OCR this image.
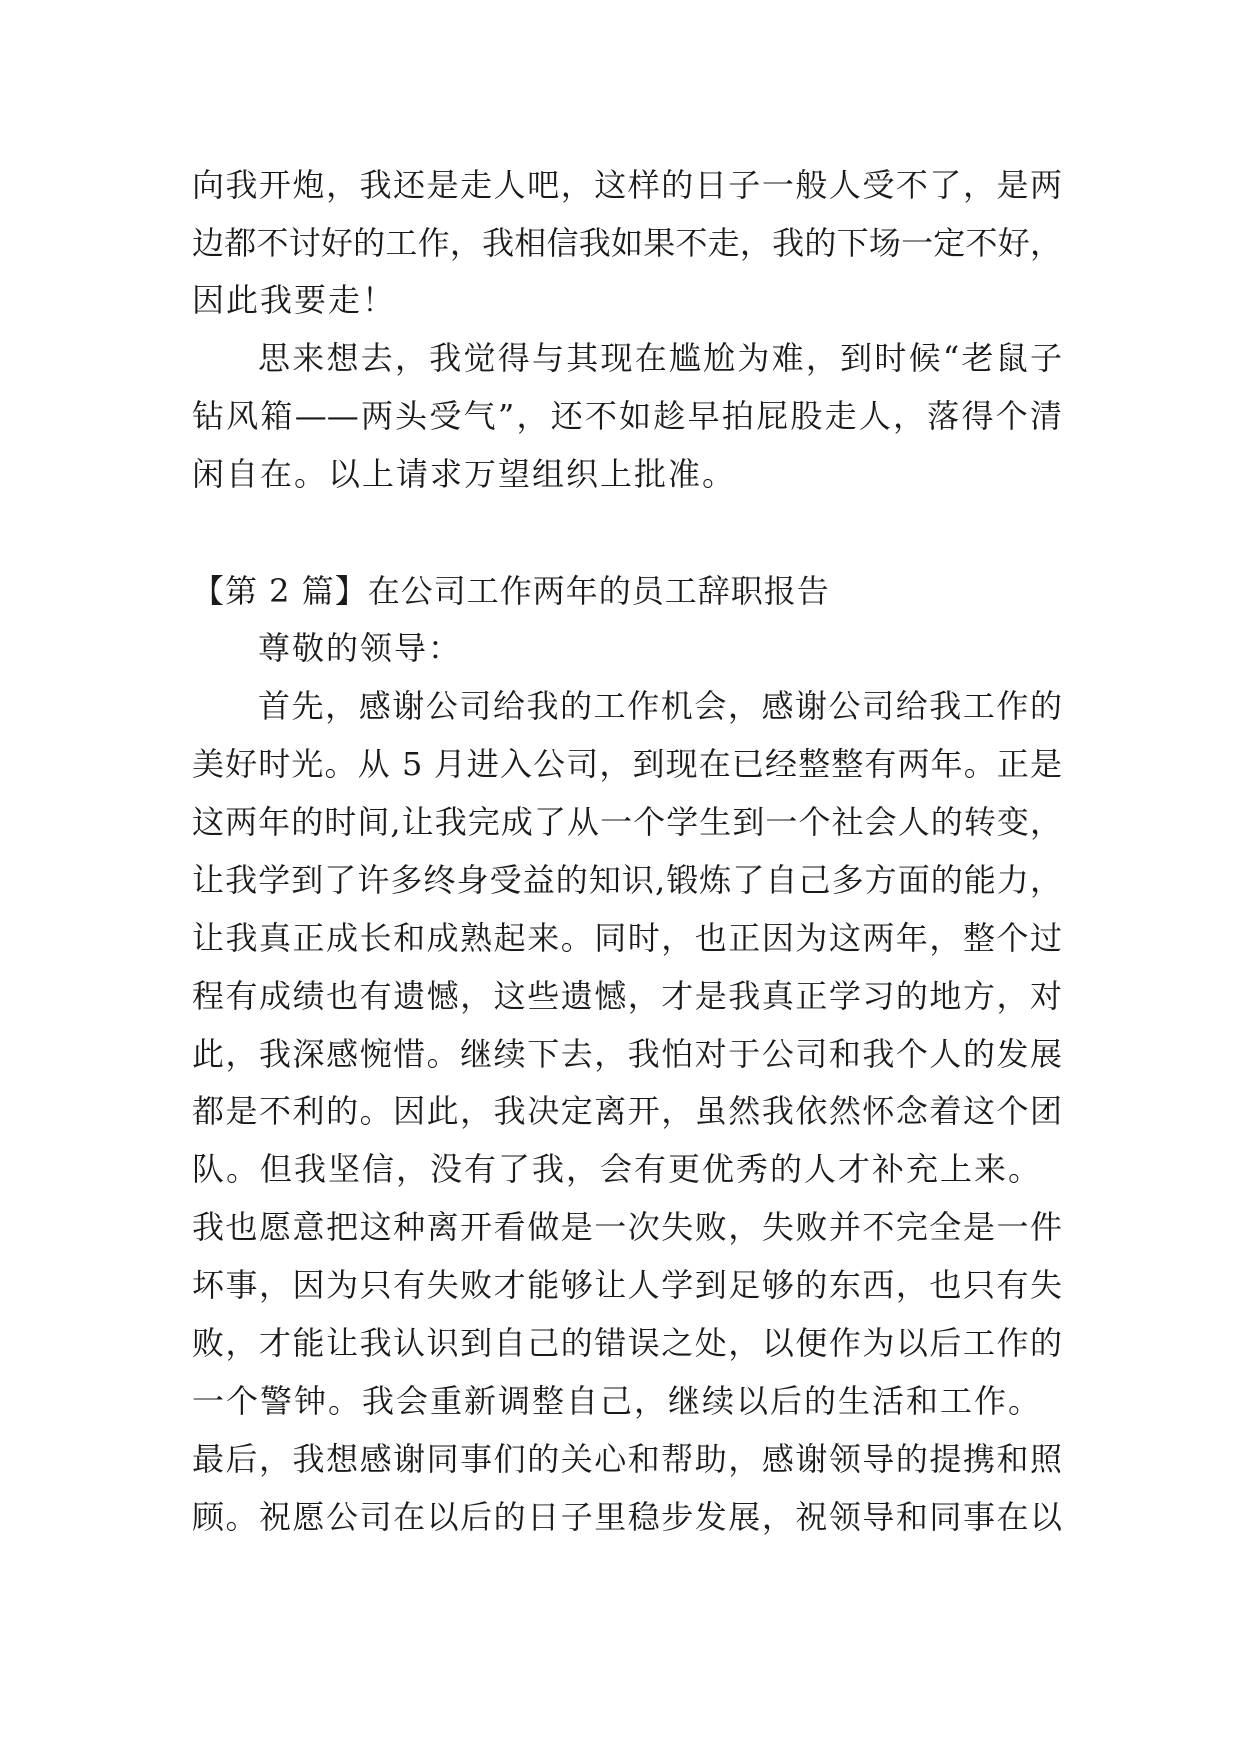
向我开炮，我还是走人吧，这样的日子一般人受不了，是两
边都不讨好的工作，我相信我如果不走，我的下场一定不好，
因此我要走！
思来想去，我觉得与其现在尴尬为难，到时候“老鼠子
钻风箱——两头受气”，还不如趁早拍屁股走人，落得个清
闲自在。以上请求万望组织上批准。
【第 2 篇】在公司工作两年的员工辞职报告
尊敬的领导：
首先，感谢公司给我的工作机会，感谢公司给我工作的
美好时光。从 5 月进入公司，到现在已经整整有两年。正是
这两年的时间,让我完成了从一个学生到一个社会人的转变，
让我学到了许多终身受益的知识,锻炼了自己多方面的能力，
让我真正成长和成熟起来。同时，也正因为这两年，整个过
程有成绩也有遗憾，这些遗憾，才是我真正学习的地方，对
此，我深感惋惜。继续下去，我怕对于公司和我个人的发展
都是不利的。因此，我决定离开，虽然我依然怀念着这个团
队。但我坚信，没有了我，会有更优秀的人才补充上来。
我也愿意把这种离开看做是一次失败，失败并不完全是一件
坏事，因为只有失败才能够让人学到足够的东西，也只有失
败，才能让我认识到自己的错误之处，以便作为以后工作的
一个警钟。我会重新调整自己，继续以后的生活和工作。
最后，我想感谢同事们的关心和帮助，感谢领导的提携和照
顾。祝愿公司在以后的日子里稳步发展，祝领导和同事在以
